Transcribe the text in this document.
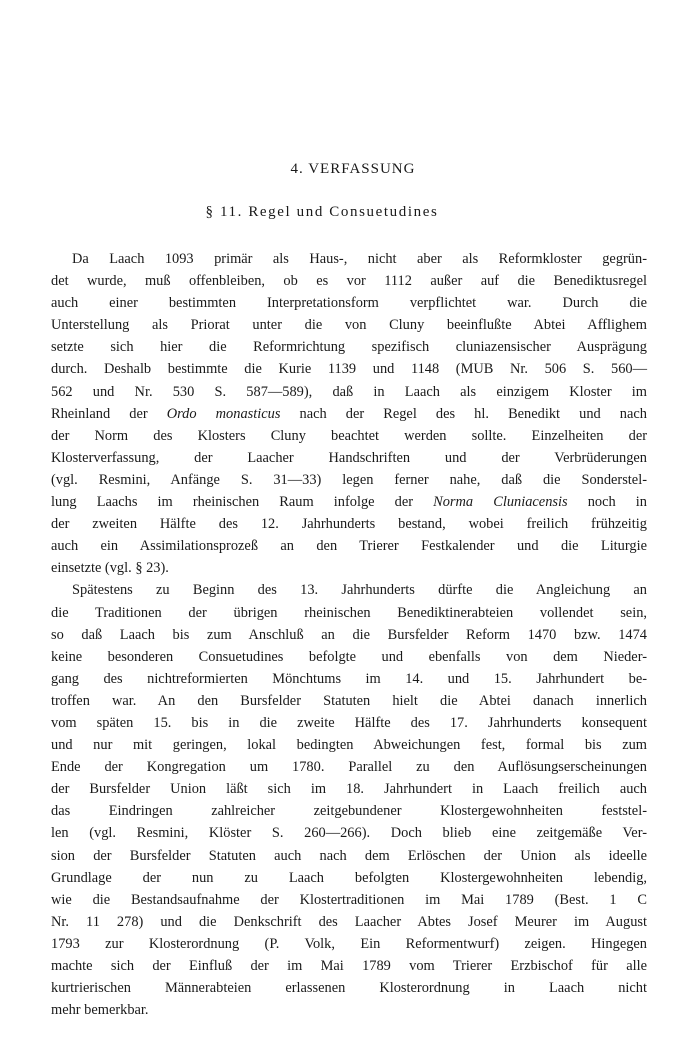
4. VERFASSUNG
§ 11. Regel und Consuetudines
Da Laach 1093 primär als Haus-, nicht aber als Reformkloster gegrün-
det wurde, muß offenbleiben, ob es vor 1112 außer auf die Benediktusregel
auch einer bestimmten Interpretationsform verpflichtet war. Durch die
Unterstellung als Priorat unter die von Cluny beeinflußte Abtei Afflighem
setzte sich hier die Reformrichtung spezifisch cluniazensischer Ausprägung
durch. Deshalb bestimmte die Kurie 1139 und 1148 (MUB Nr. 506 S. 560—
562 und Nr. 530 S. 587—589), daß in Laach als einzigem Kloster im
Rheinland der Ordo monasticus nach der Regel des hl. Benedikt und nach
der Norm des Klosters Cluny beachtet werden sollte. Einzelheiten der
Klosterverfassung, der Laacher Handschriften und der Verbrüderungen
(vgl. Resmini, Anfänge S. 31—33) legen ferner nahe, daß die Sonderstel-
lung Laachs im rheinischen Raum infolge der Norma Cluniacensis noch in
der zweiten Hälfte des 12. Jahrhunderts bestand, wobei freilich frühzeitig
auch ein Assimilationsprozeß an den Trierer Festkalender und die Liturgie
einsetzte (vgl. § 23).
Spätestens zu Beginn des 13. Jahrhunderts dürfte die Angleichung an
die Traditionen der übrigen rheinischen Benediktinerabteien vollendet sein,
so daß Laach bis zum Anschluß an die Bursfelder Reform 1470 bzw. 1474
keine besonderen Consuetudines befolgte und ebenfalls von dem Nieder-
gang des nichtreformierten Mönchtums im 14. und 15. Jahrhundert be-
troffen war. An den Bursfelder Statuten hielt die Abtei danach innerlich
vom späten 15. bis in die zweite Hälfte des 17. Jahrhunderts konsequent
und nur mit geringen, lokal bedingten Abweichungen fest, formal bis zum
Ende der Kongregation um 1780. Parallel zu den Auflösungserscheinungen
der Bursfelder Union läßt sich im 18. Jahrhundert in Laach freilich auch
das Eindringen zahlreicher zeitgebundener Klostergewohnheiten feststel-
len (vgl. Resmini, Klöster S. 260—266). Doch blieb eine zeitgemäße Ver-
sion der Bursfelder Statuten auch nach dem Erlöschen der Union als ideelle
Grundlage der nun zu Laach befolgten Klostergewohnheiten lebendig,
wie die Bestandsaufnahme der Klostertraditionen im Mai 1789 (Best. 1 C
Nr. 11 278) und die Denkschrift des Laacher Abtes Josef Meurer im August
1793 zur Klosterordnung (P. Volk, Ein Reformentwurf) zeigen. Hingegen
machte sich der Einfluß der im Mai 1789 vom Trierer Erzbischof für alle
kurtrierischen Männerabteien erlassenen Klosterordnung in Laach nicht
mehr bemerkbar.
